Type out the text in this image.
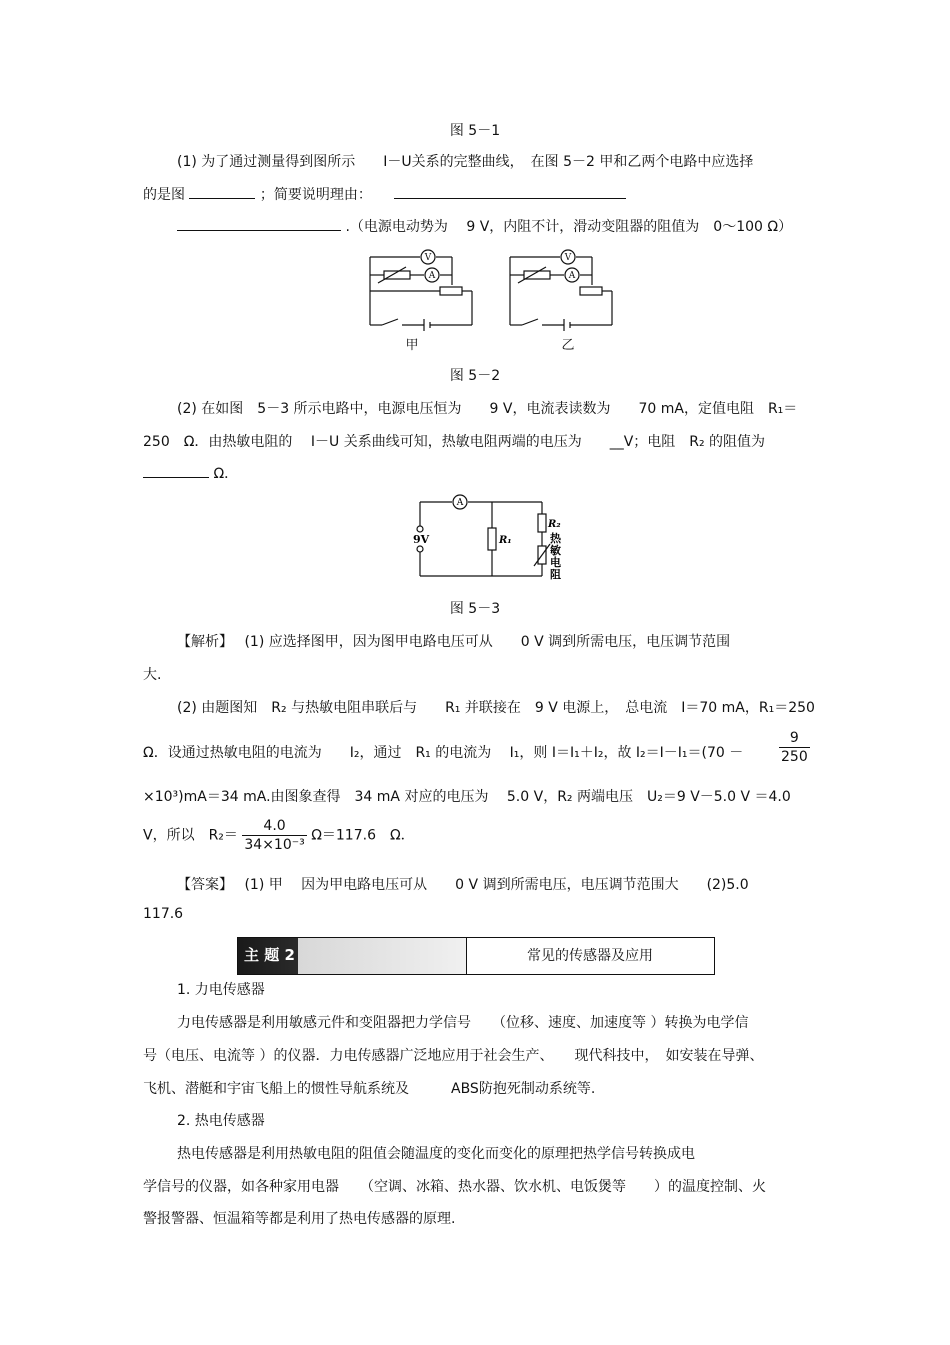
图 5－1
(1) 为了通过测量得到图所示　　I－U关系的完整曲线，　在图 5－2 甲和乙两个电路中应选择
的是图	；简要说明理由：
.（电源电动势为　 9 V，内阻不计，滑动变阻器的阻值为　0～100 Ω）
V
A
V
A
甲	乙
图 5－2
(2) 在如图　5－3 所示电路中，电源电压恒为　　9 V，电流表读数为　　70 mA，定值电阻　R₁＝
250　Ω．由热敏电阻的　 I－U 关系曲线可知，热敏电阻两端的电压为　　__V；电阻　R₂ 的阻值为
Ω．
A
9V	R₁
R₂
热
敏
电
阻
图 5－3
【解析】　 (1) 应选择图甲，因为图甲电路电压可从　　0 V 调到所需电压，电压调节范围
大.
(2) 由题图知　R₂ 与热敏电阻串联后与　　R₁ 并联接在　9 V 电源上，　总电流　I＝70 mA，R₁＝250
Ω．设通过热敏电阻的电流为　　I₂，通过　R₁ 的电流为　 I₁，则 I＝I₁＋I₂，故 I₂＝I－I₁＝(70 －	$\frac{9}{250}$
×10³)mA＝34 mA.由图象查得　34 mA 对应的电压为　 5.0 V，R₂ 两端电压　U₂＝9 V－5.0 V ＝4.0
V，所以　$R_2= \frac{4.0}{\text{34×10⁻³}} \Omega=117.6$　Ω．
【答案】　 (1) 甲　 因为甲电路电压可从　　0 V 调到所需电压，电压调节范围大　　(2)5.0
117.6
主 题 2	常见的传感器及应用
1. 力电传感器
力电传感器是利用敏感元件和变阻器把力学信号　　（位移、速度、加速度等 ）转换为电学信
号（电压、电流等 ）的仪器．力电传感器广泛地应用于社会生产、　　现代科技中，　如安装在导弹、
飞机、潜艇和宇宙飞船上的惯性导航系统及　　　ABS防抱死制动系统等.
2. 热电传感器
热电传感器是利用热敏电阻的阻值会随温度的变化而变化的原理把热学信号转换成电
学信号的仪器，如各种家用电器　　（空调、冰箱、热水器、饮水机、电饭煲等　　）的温度控制、火
警报警器、恒温箱等都是利用了热电传感器的原理.
